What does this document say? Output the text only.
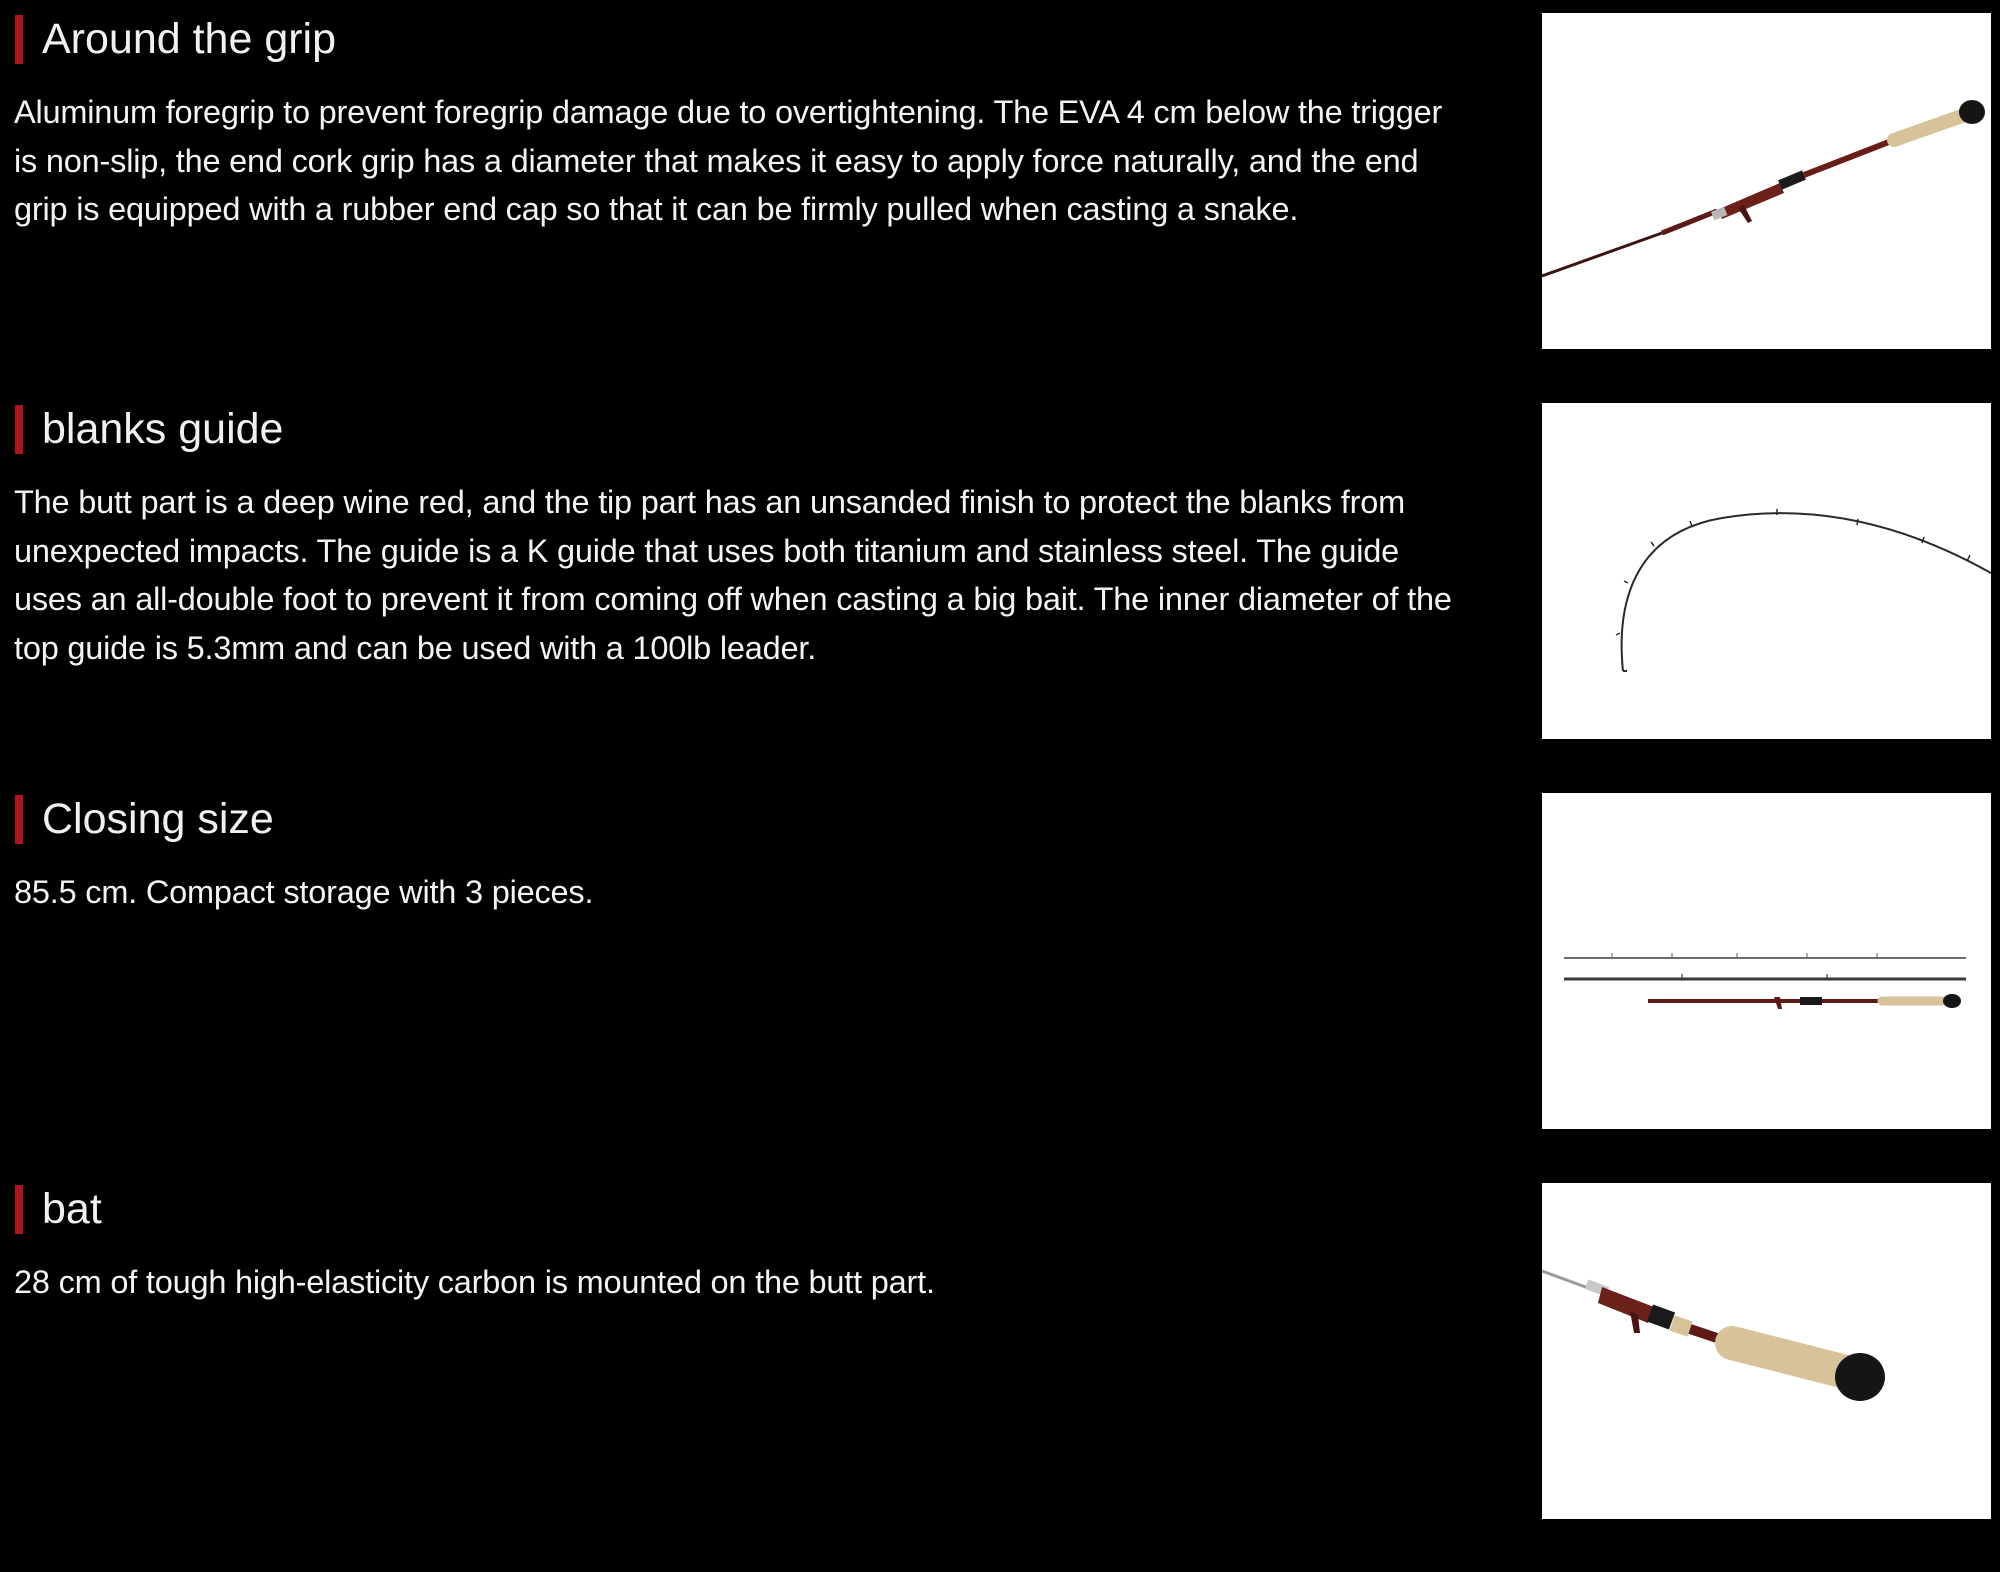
Around the grip

Aluminum foregrip to prevent foregrip damage due to overtightening. The EVA 4 cm below the trigger is non-slip, the end cork grip has a diameter that makes it easy to apply force naturally, and the end grip is equipped with a rubber end cap so that it can be firmly pulled when casting a snake.

blanks guide

The butt part is a deep wine red, and the tip part has an unsanded finish to protect the blanks from unexpected impacts. The guide is a K guide that uses both titanium and stainless steel. The guide uses an all-double foot to prevent it from coming off when casting a big bait. The inner diameter of the top guide is 5.3mm and can be used with a 100lb leader.

Closing size

85.5 cm. Compact storage with 3 pieces.

bat

28 cm of tough high-elasticity carbon is mounted on the butt part.
